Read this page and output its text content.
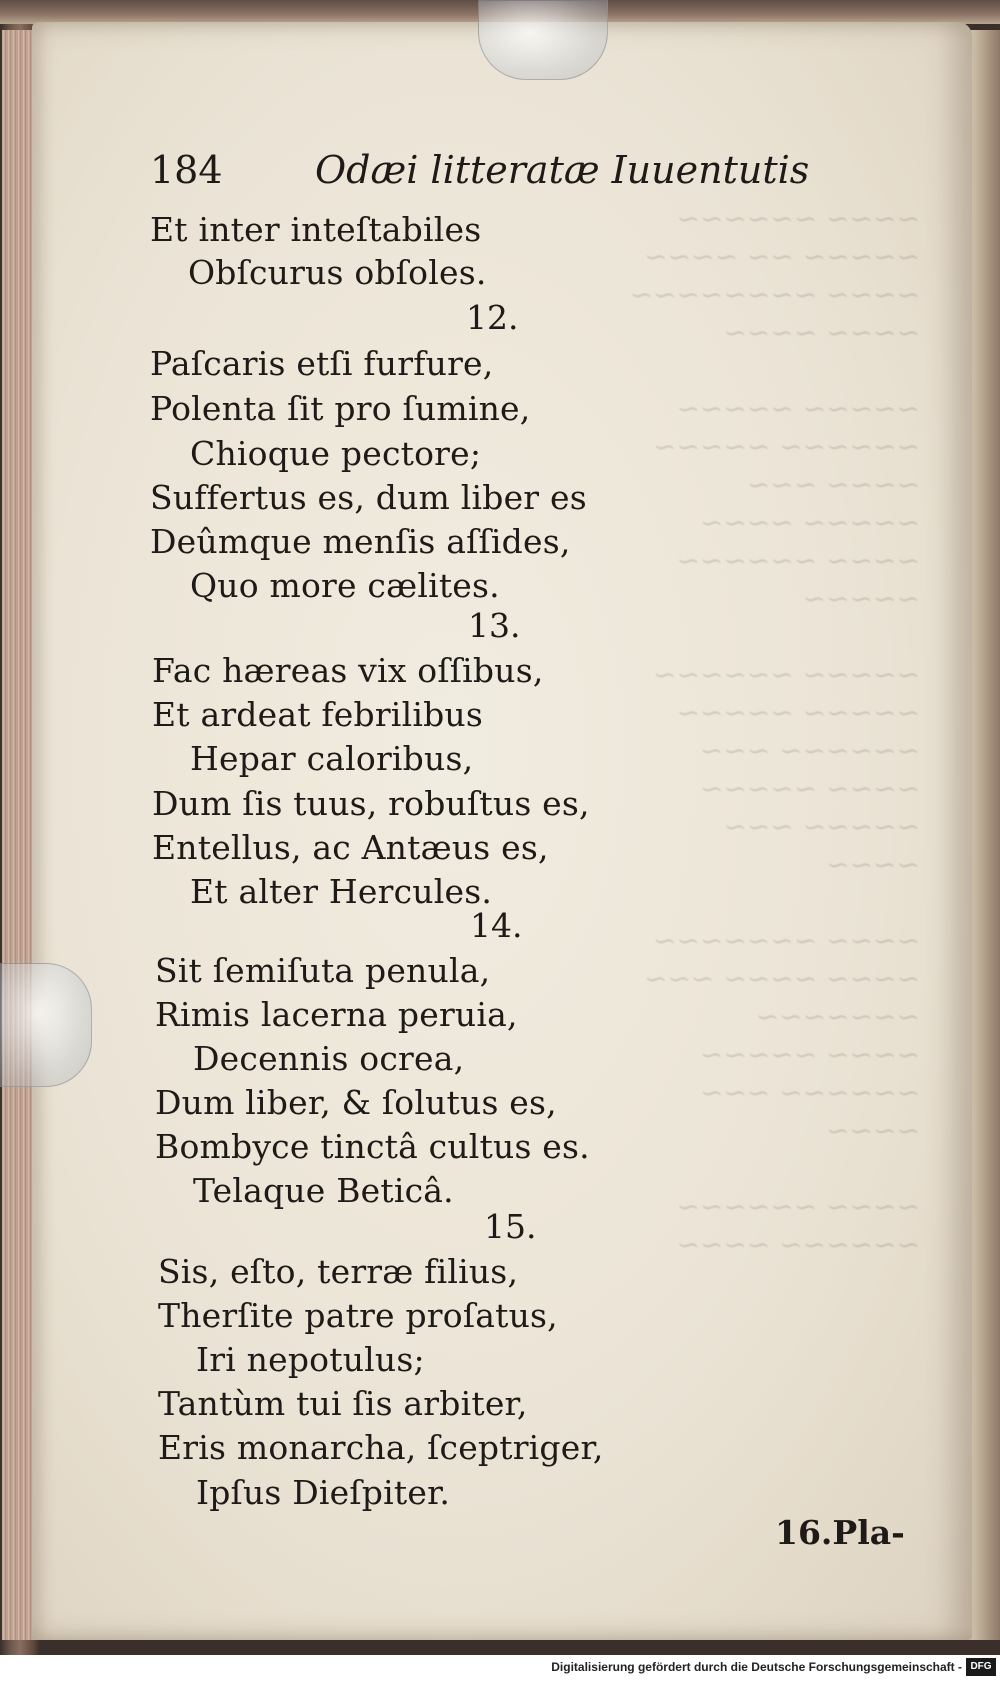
~~~~ ~~~~~~
~~~~~ ~~ ~~~~
~~~~ ~~~~~~~~
~~~~ ~~~~
~~~~~ ~~~~~
~~~~~~ ~~~~~
~~~~ ~~~
~~~~~ ~~~~
~~~~ ~~~~~~
~~~~~
~~~~~ ~~~~~~
~~~~~ ~~~~~
~~~~~~ ~~~
~~~~ ~~~~~
~~~~~ ~~~
~~~~
~~~~ ~~~~~~~
~~~~ ~~~~ ~~~
~~~~~~~
~~~~ ~~~~~
~~~~~~ ~~~
~~~~
~~~~ ~~~~~~
~~~~~~ ~~~~
184 Odæi litteratæ Iuuentutis
Et inter inteſtabiles
Obſcurus obſoles.
12.
Paſcaris etſi furfure,
Polenta ſit pro ſumine,
Chioque pectore;
Suffertus es, dum liber es
Deûmque menſis aſſides,
Quo more cælites.
13.
Fac hæreas vix oſſibus,
Et ardeat febrilibus
Hepar caloribus,
Dum ſis tuus, robuſtus es,
Entellus, ac Antæus es,
Et alter Hercules.
14.
Sit ſemiſuta penula,
Rimis lacerna peruia,
Decennis ocrea,
Dum liber, & ſolutus es,
Bombyce tinctâ cultus es.
Telaque Beticâ.
15.
Sis, eſto, terræ filius,
Therſite patre proſatus,
Iri nepotulus;
Tantùm tui ſis arbiter,
Eris monarcha, ſceptriger,
Ipſus Dieſpiter.
16.Pla-
Digitalisierung gefördert durch die Deutsche Forschungsgemeinschaft - DFG
